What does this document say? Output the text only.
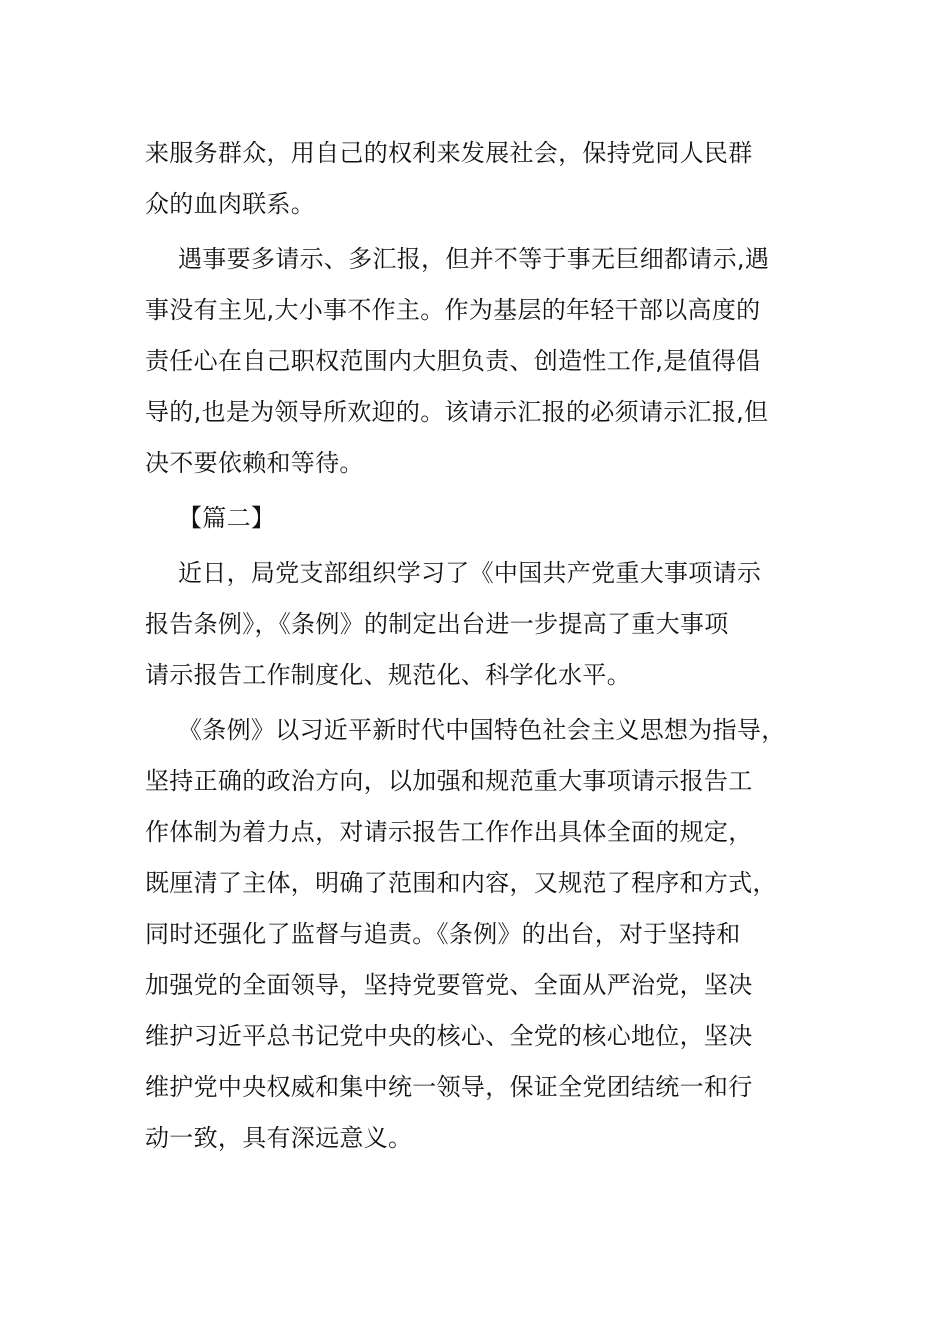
来服务群众，用自己的权利来发展社会，保持党同人民群
众的血肉联系。

遇事要多请示、多汇报，但并不等于事无巨细都请示,遇
事没有主见,大小事不作主。作为基层的年轻干部以高度的
责任心在自己职权范围内大胆负责、创造性工作,是值得倡
导的,也是为领导所欢迎的。该请示汇报的必须请示汇报,但
决不要依赖和等待。

【篇二】

近日，局党支部组织学习了《中国共产党重大事项请示
报告条例》，《条例》的制定出台进一步提高了重大事项
请示报告工作制度化、规范化、科学化水平。

《条例》以习近平新时代中国特色社会主义思想为指导，
坚持正确的政治方向，以加强和规范重大事项请示报告工
作体制为着力点，对请示报告工作作出具体全面的规定，
既厘清了主体，明确了范围和内容，又规范了程序和方式，
同时还强化了监督与追责。《条例》的出台，对于坚持和
加强党的全面领导，坚持党要管党、全面从严治党，坚决
维护习近平总书记党中央的核心、全党的核心地位，坚决
维护党中央权威和集中统一领导，保证全党团结统一和行
动一致，具有深远意义。
